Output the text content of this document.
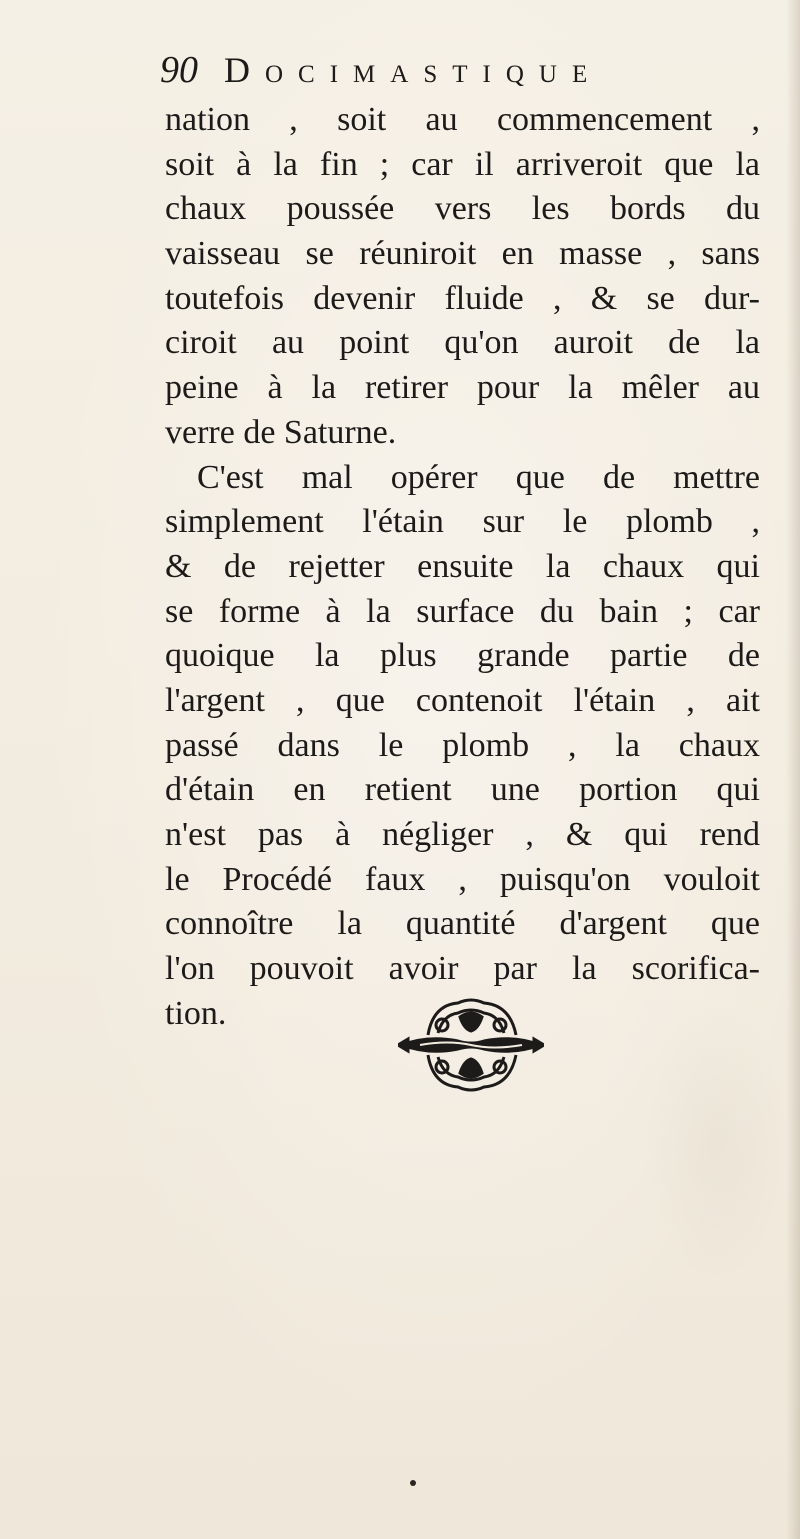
90 Docimastique
nation , soit au commencement ,
soit à la fin ; car il arriveroit que la
chaux poussée vers les bords du
vaisseau se réuniroit en masse , sans
toutefois devenir fluide , & se dur-
ciroit au point qu'on auroit de la
peine à la retirer pour la mêler au
verre de Saturne.
C'est mal opérer que de mettre
simplement l'étain sur le plomb ,
& de rejetter ensuite la chaux qui
se forme à la surface du bain ; car
quoique la plus grande partie de
l'argent , que contenoit l'étain , ait
passé dans le plomb , la chaux
d'étain en retient une portion qui
n'est pas à négliger , & qui rend
le Procédé faux , puisqu'on vouloit
connoître la quantité d'argent que
l'on pouvoit avoir par la scorifica-
tion.
